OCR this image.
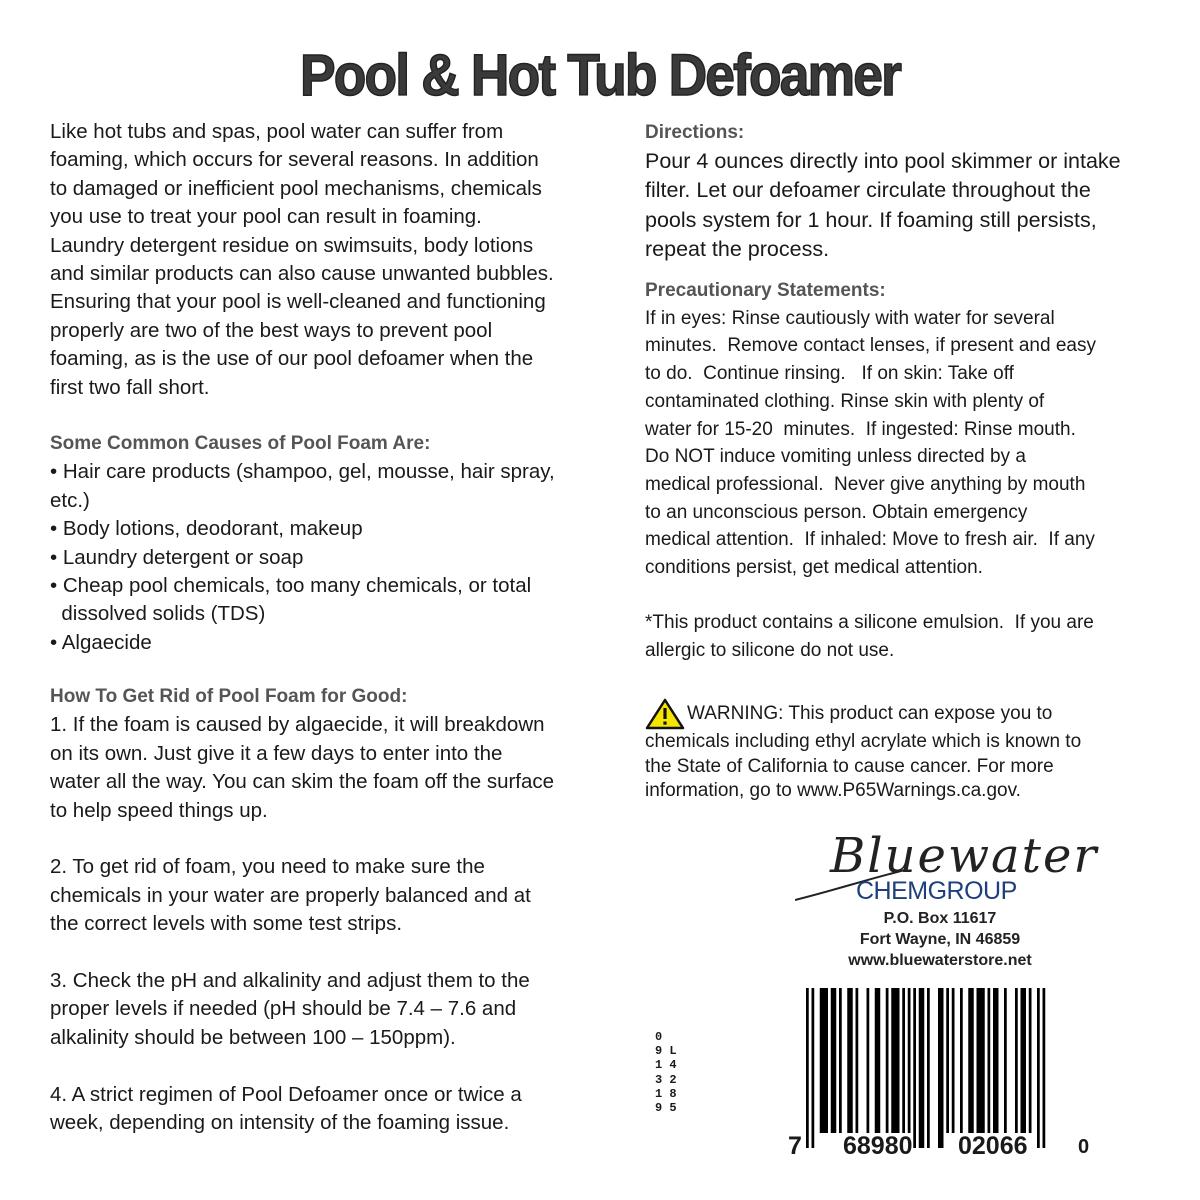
Pool & Hot Tub Defoamer
Like hot tubs and spas, pool water can suffer from
foaming, which occurs for several reasons. In addition
to damaged or inefficient pool mechanisms, chemicals
you use to treat your pool can result in foaming.
Laundry detergent residue on swimsuits, body lotions
and similar products can also cause unwanted bubbles.
Ensuring that your pool is well-cleaned and functioning
properly are two of the best ways to prevent pool
foaming, as is the use of our pool defoamer when the
first two fall short.
Some Common Causes of Pool Foam Are:
• Hair care products (shampoo, gel, mousse, hair spray,
etc.)
• Body lotions, deodorant, makeup
• Laundry detergent or soap
• Cheap pool chemicals, too many chemicals, or total
dissolved solids (TDS)
• Algaecide
How To Get Rid of Pool Foam for Good:
1. If the foam is caused by algaecide, it will breakdown
on its own. Just give it a few days to enter into the
water all the way. You can skim the foam off the surface
to help speed things up.

2. To get rid of foam, you need to make sure the
chemicals in your water are properly balanced and at
the correct levels with some test strips.

3. Check the pH and alkalinity and adjust them to the
proper levels if needed (pH should be 7.4 – 7.6 and
alkalinity should be between 100 – 150ppm).

4. A strict regimen of Pool Defoamer once or twice a
week, depending on intensity of the foaming issue.
Directions:
Pour 4 ounces directly into pool skimmer or intake
filter. Let our defoamer circulate throughout the
pools system for 1 hour. If foaming still persists,
repeat the process.
Precautionary Statements:
If in eyes: Rinse cautiously with water for several
minutes.  Remove contact lenses, if present and easy
to do.  Continue rinsing.   If on skin: Take off
contaminated clothing. Rinse skin with plenty of
water for 15-20  minutes.  If ingested: Rinse mouth.
Do NOT induce vomiting unless directed by a
medical professional.  Never give anything by mouth
to an unconscious person. Obtain emergency
medical attention.  If inhaled: Move to fresh air.  If any
conditions persist, get medical attention.

*This product contains a silicone emulsion.  If you are
allergic to silicone do not use.
WARNING: This product can expose you to
chemicals including ethyl acrylate which is known to
the State of California to cause cancer. For more
information, go to www.P65Warnings.ca.gov.
Bluewater
CHEMGROUP
P.O. Box 11617
Fort Wayne, IN 46859
www.bluewaterstore.net
7 68980 02066	0
0
9 L
1 4
3 2
1 8
9 5
